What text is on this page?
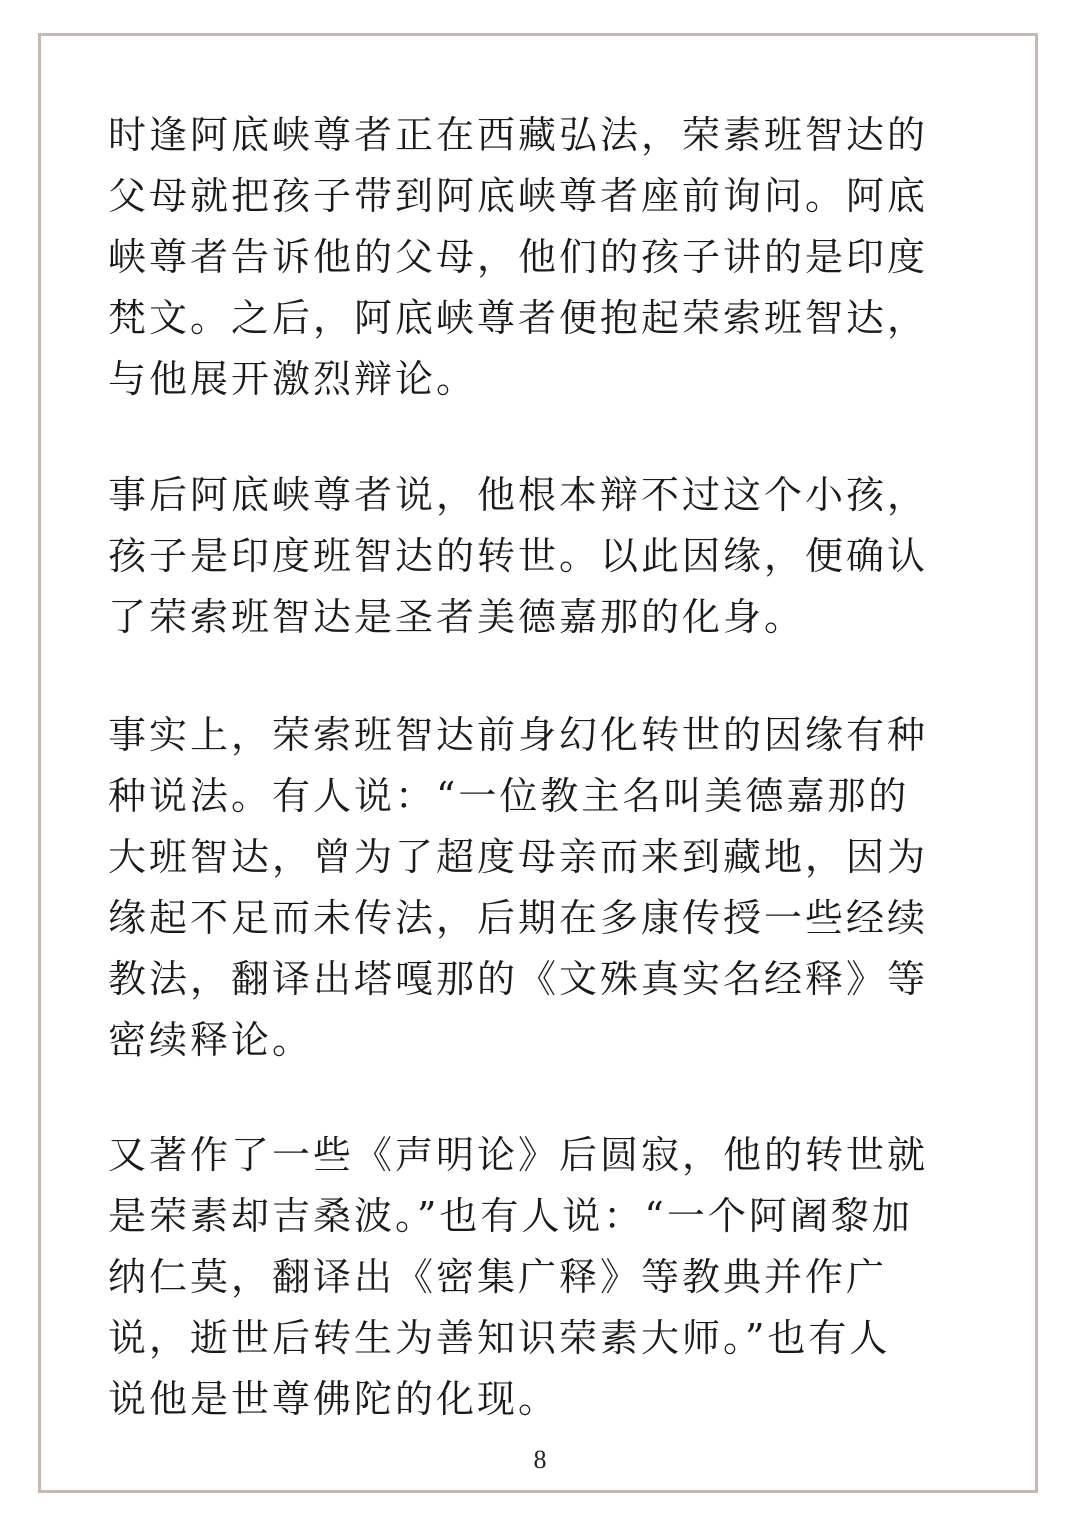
时逢阿底峡尊者正在西藏弘法，荣素班智达的
父母就把孩子带到阿底峡尊者座前询问。阿底
峡尊者告诉他的父母，他们的孩子讲的是印度
梵文。之后，阿底峡尊者便抱起荣索班智达，
与他展开激烈辩论。
事后阿底峡尊者说，他根本辩不过这个小孩，
孩子是印度班智达的转世。以此因缘，便确认
了荣索班智达是圣者美德嘉那的化身。
事实上，荣索班智达前身幻化转世的因缘有种
种说法。有人说：“一位教主名叫美德嘉那的
大班智达，曾为了超度母亲而来到藏地，因为
缘起不足而未传法，后期在多康传授一些经续
教法，翻译出塔嘎那的《文殊真实名经释》等
密续释论。
又著作了一些《声明论》后圆寂，他的转世就
是荣素却吉桑波。”也有人说：“一个阿阇黎加
纳仁莫，翻译出《密集广释》等教典并作广
说，逝世后转生为善知识荣素大师。”也有人
说他是世尊佛陀的化现。
8
